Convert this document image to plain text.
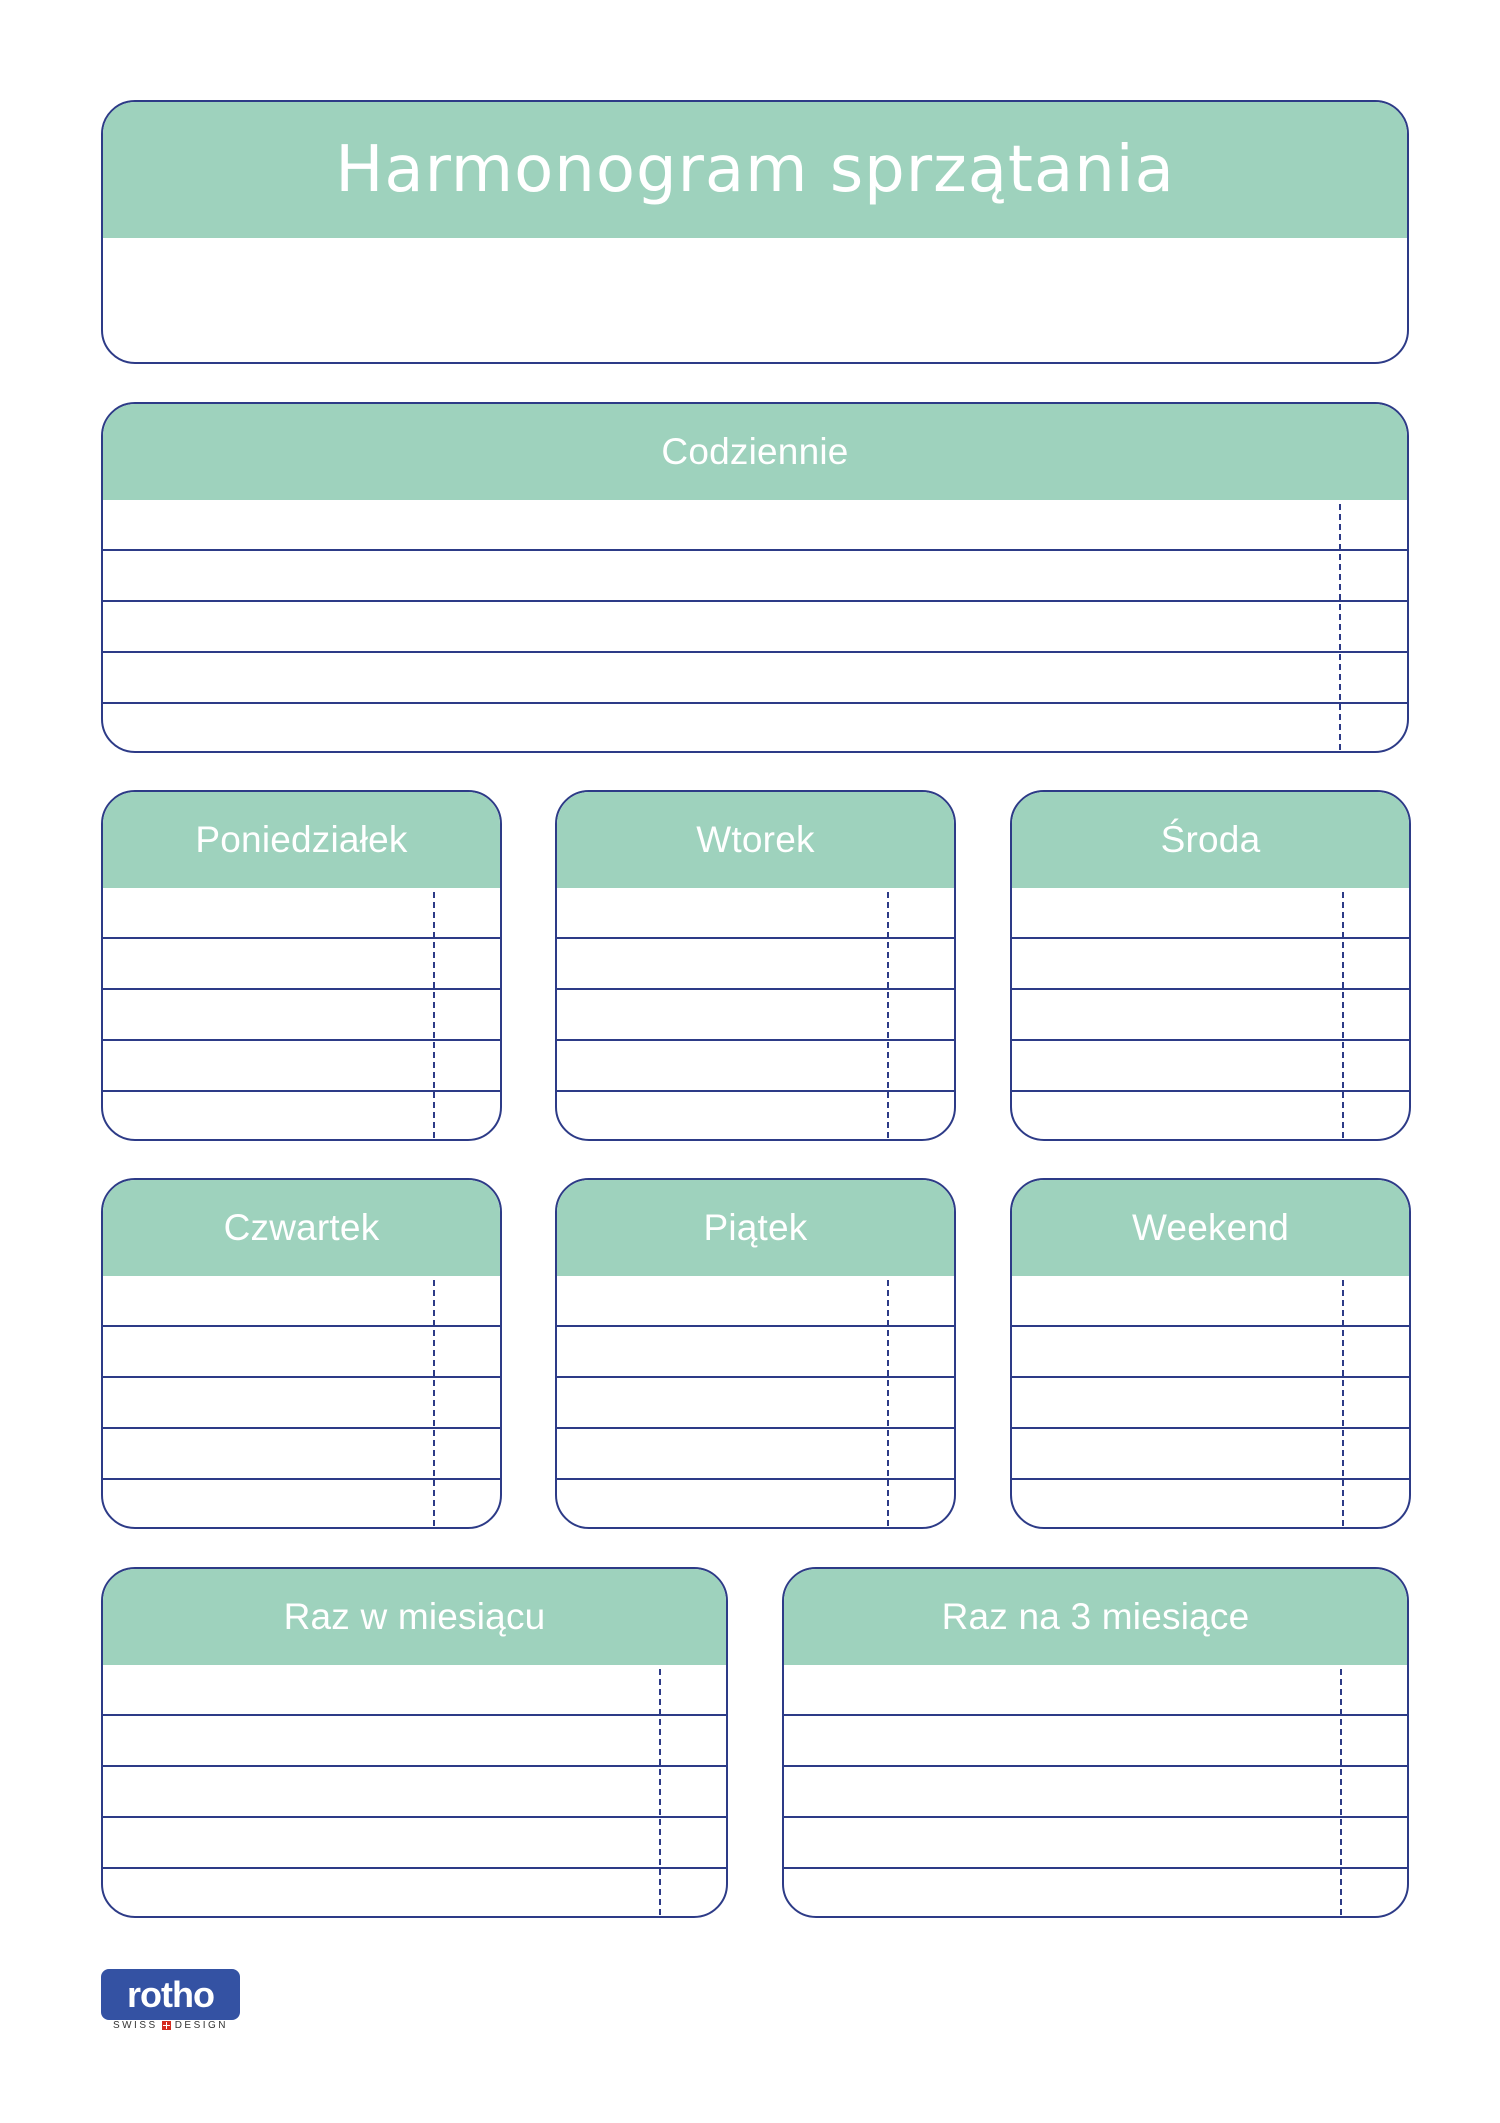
Harmonogram sprzątania
Codziennie
Poniedziałek	Wtorek	Środa
Czwartek	Piątek	Weekend
Raz w miesiącu	Raz na 3 miesiące
rotho
SWISS DESIGN
